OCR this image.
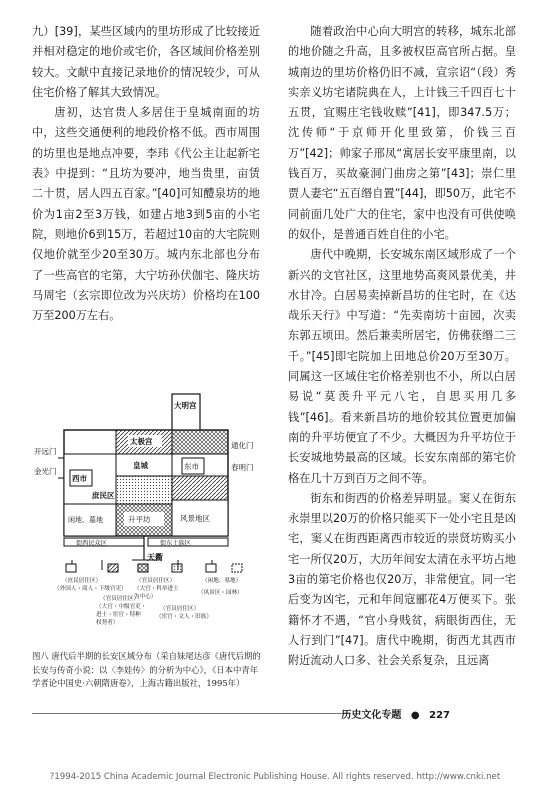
九）[39]，某些区域内的里坊形成了比较接近并相对稳定的地价或宅价，各区域间价格差别较大。文献中直接记录地价的情况较少，可从住宅价格了解其大致情况。

唐初，达官贵人多居住于皇城南面的坊中，这些交通便利的地段价格不低。西市周围的坊里也是地点冲要，李玮《代公主让起新宅表》中提到：“且坊为要冲，地当贵里，亩赁二十贯，居人四五百家。”[40]可知醴泉坊的地价为1亩2至3万钱，如建占地3到5亩的小宅院，则地价6到15万，若超过10亩的大宅院则仅地价就至少20至30万。城内东北部也分布了一些高官的宅第，大宁坊孙伏伽宅、隆庆坊马周宅（玄宗即位改为兴庆坊）价格均在100万至200万左右。

随着政治中心向大明宫的转移，城东北部的地价随之升高，且多被权臣高官所占据。皇城南边的里坊价格仍旧不减，宣宗诏“（段）秀实亲义坊宅诸院典在人，上计钱三千四百七十五贯，宜赐庄宅钱收赎”[41]，即347.5万；沈传师“于京师开化里致第，价钱三百万”[42]；帅家子邢凤“寓居长安平康里南，以钱百万，买故豪洞门曲房之第”[43]；崇仁里贾人妻宅“五百缗自置”[44]，即50万，此宅不同前面几处广大的住宅，家中也没有可供使唤的奴仆，是普通百姓自住的小宅。

唐代中晚期，长安城东南区域形成了一个新兴的文官社区，这里地势高爽风景优美，井水甘冷。白居易卖掉新昌坊的住宅时，在《达哉乐天行》中写道：“先卖南坊十亩园，次卖东郭五顷田。然后兼卖所居宅，仿佛获缗二三千。”[45]即宅院加上田地总价20万至30万。同属这一区域住宅价格差别也不小，所以白居易说“莫羡升平元八宅，自思买用几多钱”[46]。看来新昌坊的地价较其位置更加偏南的升平坊便宜了不少。大概因为升平坊位于长安城地势最高的区域。长安东南部的第宅价格在几十万到百万之间不等。

街东和街西的价格差异明显。窦乂在街东永崇里以20万的价格只能买下一处小宅且是凶宅，窦乂在街西距离西市较近的崇贤坊购买小宅一所仅20万，大历年间安太清在永平坊占地3亩的第宅价格也仅20万，非常便宜。同一宅后变为凶宅，元和年间寇郦花4万便买下。张籍怀才不遇，“官小身贱贫，病眼街西住，无人行到门”[47]。唐代中晚期，街西尤其西市附近流动人口多、社会关系复杂，且远离

大明宫
太极宫
皇城	东市
西市
庶民区
闲地、墓地	升平坊	风景地区
开远门
金光门
通化门
春明门
街西民众区	街东士族区
天衢
（庶民居住区）
（外国人・商人・下级官吏）
（官员居住区）
（大官・中级官吏・
进士・宦官・特种
权势者）
（官员居住区）
（大官・科举进士
为中心）
（官员居住区）
（宦官・文人・旧族）
（闲地、墓地）
（风景区・园林）
图八 唐代后半期的长安区域分布（采自妹尾达彦《唐代后期的长安与传奇小说：以〈李娃传〉的分析为中心》，《日本中青年学者论中国史·六朝隋唐卷》，上海古籍出版社，1995年）
历史文化专题 ● 227
?1994-2015 China Academic Journal Electronic Publishing House. All rights reserved. http://www.cnki.net
